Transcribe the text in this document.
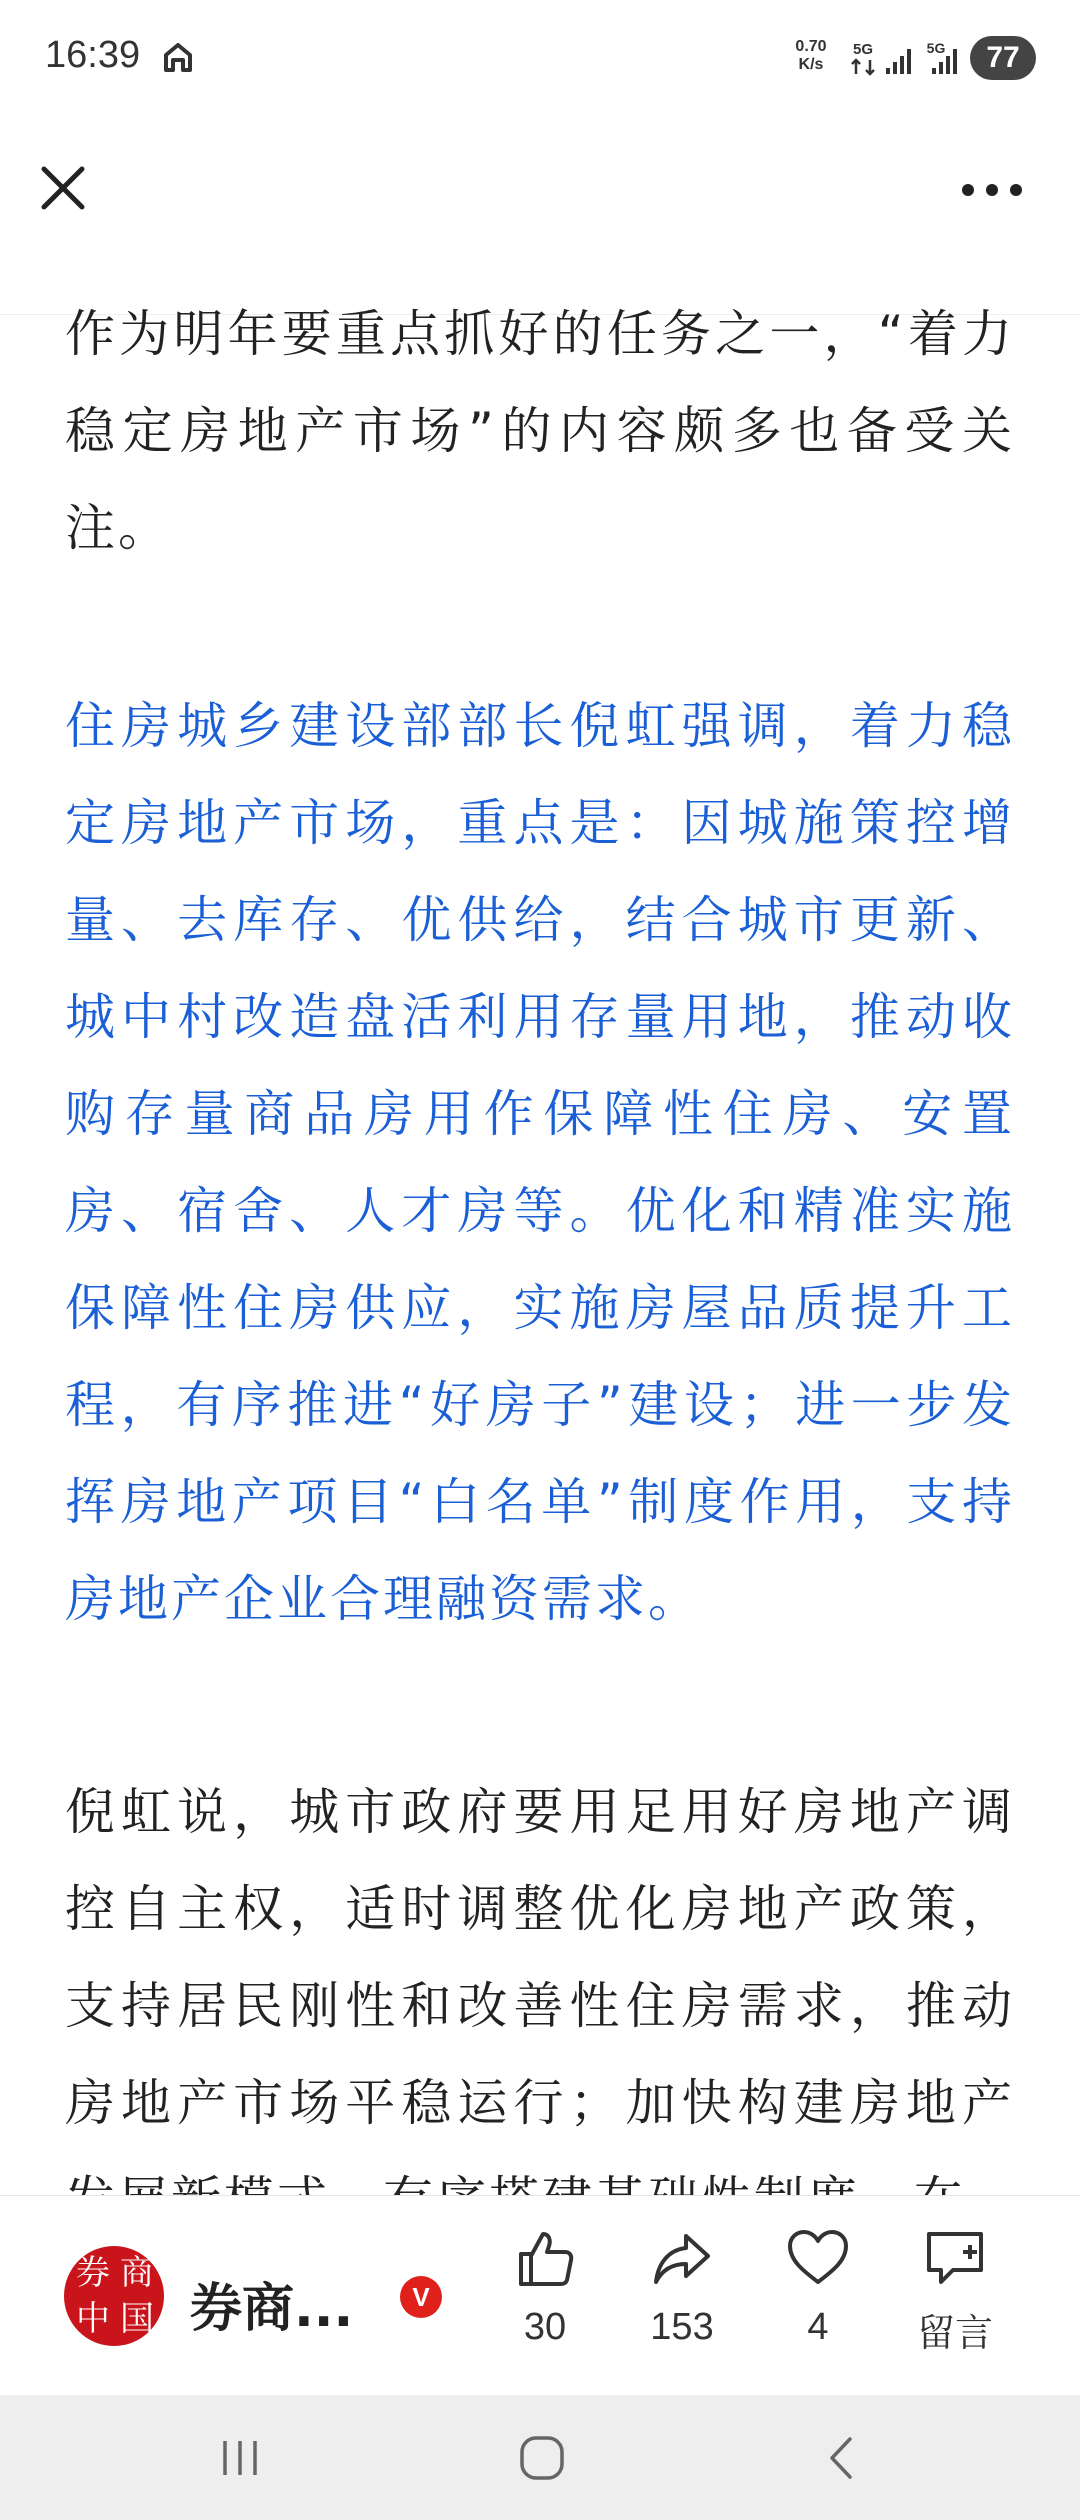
16:39	0.70
K/s
5G	5G	77

作为明年要重点抓好的任务之一，“着力稳定房地产市场”的内容颇多也备受关注。

住房城乡建设部部长倪虹强调，着力稳定房地产市场，重点是：因城施策控增量、去库存、优供给，结合城市更新、城中村改造盘活利用存量用地，推动收购存量商品房用作保障性住房、安置房、宿舍、人才房等。优化和精准实施保障性住房供应，实施房屋品质提升工程，有序推进“好房子”建设；进一步发挥房地产项目“白名单”制度作用，支持房地产企业合理融资需求。

倪虹说，城市政府要用足用好房地产调控自主权，适时调整优化房地产政策，支持居民刚性和改善性住房需求，推动房地产市场平稳运行；加快构建房地产

券 商
中 国 券商...	V
30	153	4	留言
